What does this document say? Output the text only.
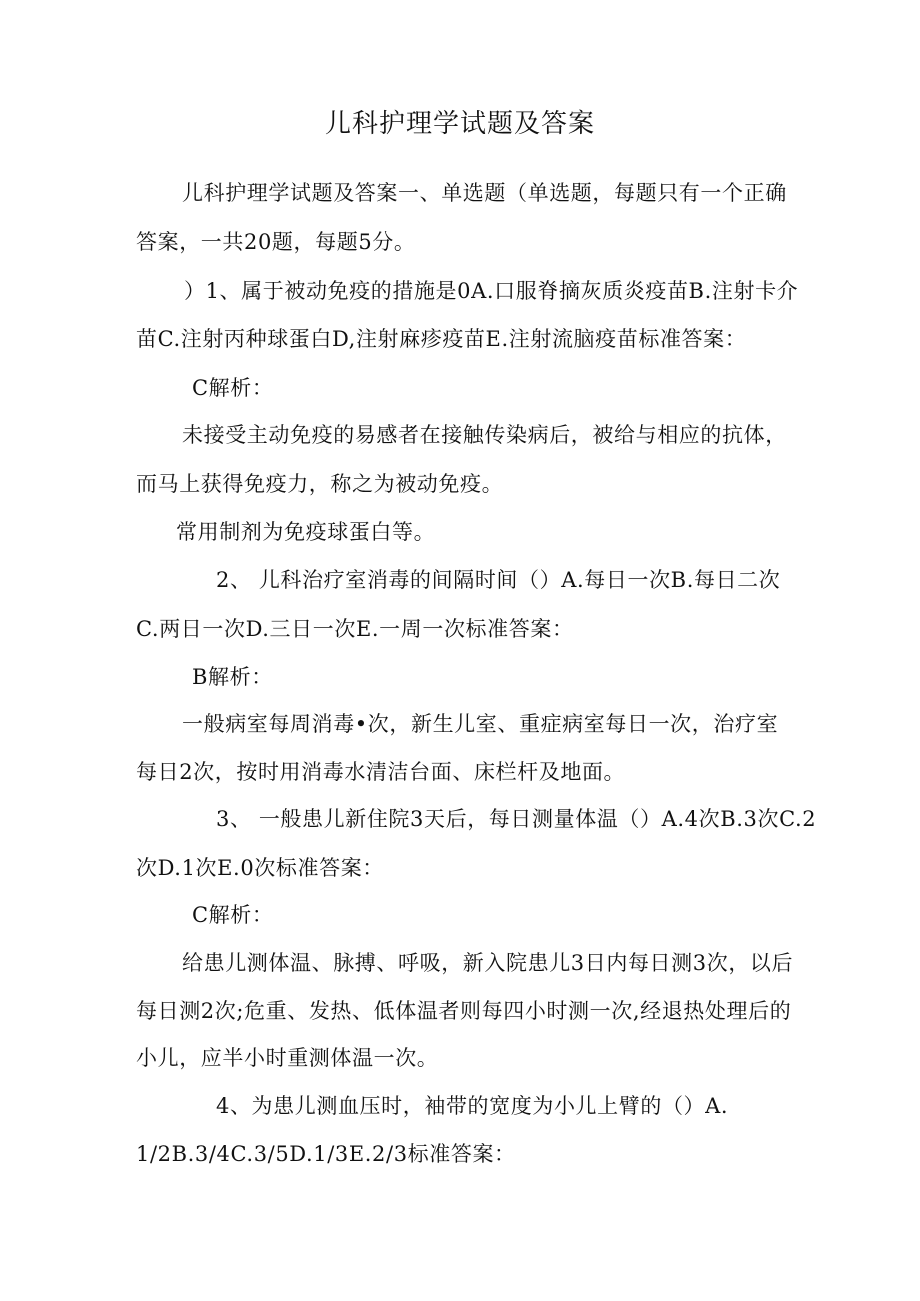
儿科护理学试题及答案
儿科护理学试题及答案一、单选题（单选题，每题只有一个正确
答案，一共20题，每题5分。
）1、属于被动免疫的措施是0A.口服脊摘灰质炎疫苗B.注射卡介
苗C.注射丙种球蛋白D,注射麻疹疫苗E.注射流脑疫苗标准答案：
C解析：
未接受主动免疫的易感者在接触传染病后，被给与相应的抗体，
而马上获得免疫力，称之为被动免疫。
常用制剂为免疫球蛋白等。
2、 儿科治疗室消毒的间隔时间（）A.每日一次B.每日二次
C.两日一次D.三日一次E.一周一次标准答案：
B解析：
一般病室每周消毒•次，新生儿室、重症病室每日一次，治疗室
每日2次，按时用消毒水清洁台面、床栏杆及地面。
3、 一般患儿新住院3天后，每日测量体温（）A.4次B.3次C.2
次D.1次E.0次标准答案：
C解析：
给患儿测体温、脉搏、呼吸，新入院患儿3日内每日测3次，以后
每日测2次;危重、发热、低体温者则每四小时测一次,经退热处理后的
小儿，应半小时重测体温一次。
4、为患儿测血压时，袖带的宽度为小儿上臂的（）A.
1/2B.3/4C.3/5D.1/3E.2/3标准答案：
